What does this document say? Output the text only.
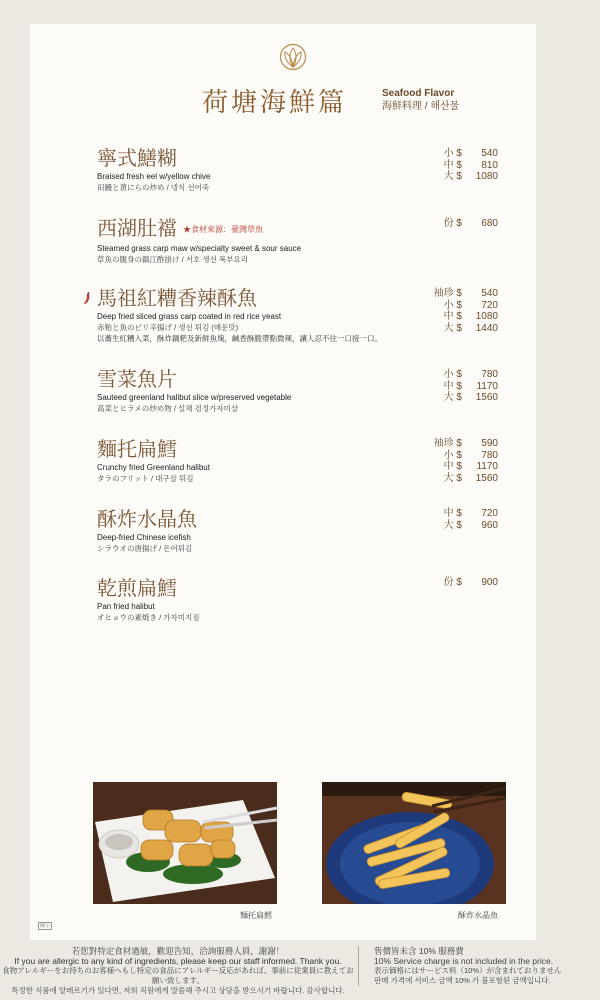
荷塘海鮮篇	Seafood Flavor
海鮮料理 / 해산물
寧式鱔糊
Braised fresh eel w/yellow chive
田鰻と黄にらの炒め / 넹식 선어죽
小 $	540
中 $	810
大 $	1080
西湖肚襠 ★食材來源：臺灣草魚
Steamed grass carp maw w/specialty sweet & sour sauce
草魚の腹身の鎮江酢掛け / 서호 생선 복부요리
份 $	680
馬祖紅糟香辣酥魚
Deep fried sliced grass carp coated in red rice yeast
赤粕と魚のピリ辛揚げ / 생선 튀김 (매운맛)
以蕎生紅糟入菜，酥炸鍋粑及新鮮魚塊，鹹香酥脆帶點微辣，讓人忍不住一口接一口。
袖珍 $	540
小 $	720
中 $	1080
大 $	1440
雪菜魚片
Sauteed greenland halibut slice w/preserved vegetable
高菜とヒラメの炒め物 / 설채 검정가자미살
小 $	780
中 $	1170
大 $	1560
麵托扁鱈
Crunchy fried Greenland halibut
タラのフリット / 대구살 튀김
袖珍 $	590
小 $	780
中 $	1170
大 $	1560
酥炸水晶魚
Deep-fried Chinese icefish
シラウオの唐揚げ / 은어튀김
中 $	720
大 $	960
乾煎扁鱈
Pan fried halibut
オヒョウの素焼き / 가자미지짐
份 $	900
麵托扁鱈	酥炸水晶魚
圖示
若您對特定食材過敏，歡迎告知，洽詢服務人員，謝謝！
If you are allergic to any kind of ingredients, please keep our staff informed. Thank you.
食物アレルギーをお持ちのお客様へもし特定の食品にアレルギー反応があれば、事前に従業員に教えてお願い致します。
특정한 식품에 알레르기가 있다면, 저희 직원에게 말씀해 주시고 상담을 받으시기 바랍니다. 감사합니다.
售價皆未含 10% 服務費
10% Service charge is not included in the price.
表示価格にはサービス料（10%）が含まれておりません
판매 가격에 서비스 금액 10% 가 불포함된 금액입니다.
